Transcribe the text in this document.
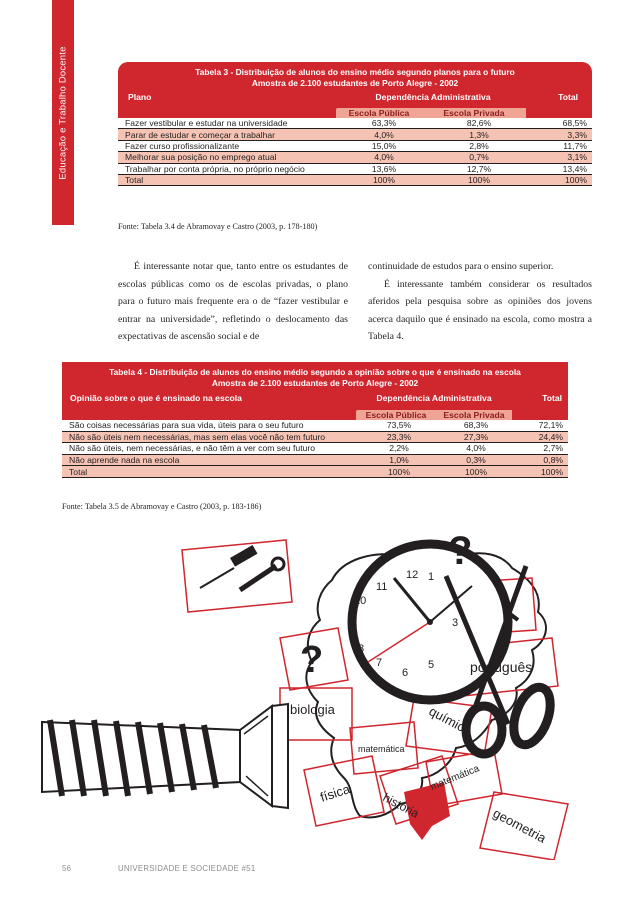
Educação e Trabalho Docente	Tabela 3 - Distribuição de alunos do ensino médio segundo planos para o futuro
Amostra de 2.100 estudantes de Porto Alegre - 2002
Plano	Dependência Administrativa	Total
Escola Pública	Escola Privada
Fazer vestibular e estudar na universidade	63,3%	82,6%	68,5%
Parar de estudar e começar a trabalhar	4,0%	1,3%	3,3%
Fazer curso profissionalizante	15,0%	2,8%	11,7%
Melhorar sua posição no emprego atual	4,0%	0,7%	3,1%
Trabalhar por conta própria, no próprio negócio	13,6%	12,7%	13,4%
Total	100%	100%	100%
Fonte: Tabela 3.4 de Abramovay e Castro (2003, p. 178-180)

É interessante notar que, tanto entre os estudantes de escolas públicas como os de escolas privadas, o plano para o futuro mais frequente era o de “fazer vestibular e entrar na universidade”, refletindo o deslocamento das expectativas de ascensão social e de

continuidade de estudos para o ensino superior.

É interessante também considerar os resultados aferidos pela pesquisa sobre as opiniões dos jovens acerca daquilo que é ensinado na escola, como mostra a Tabela 4.

Tabela 4 - Distribuição de alunos do ensino médio segundo a opinião sobre o que é ensinado na escola
Amostra de 2.100 estudantes de Porto Alegre - 2002
Opinião sobre o que é ensinado na escola	Dependência Administrativa	Total
Escola Pública	Escola Privada
São coisas necessárias para sua vida, úteis para o seu futuro	73,5%	68,3%	72,1%
Não são úteis nem necessárias, mas sem elas você não tem futuro	23,3%	27,3%	24,4%
Não são úteis, nem necessárias, e não têm a ver com seu futuro	2,2%	4,0%	2,7%
Não aprende nada na escola	1,0%	0,3%	0,8%
Total	100%	100%	100%
Fonte: Tabela 3.5 de Abramovay e Castro (2003, p. 183-186)
12
11
10
9
8
7
6
5
3
1
?
?
biologia
matemática
física história
química
matemática
português
geometria
56	UNIVERSIDADE E SOCIEDADE #51
